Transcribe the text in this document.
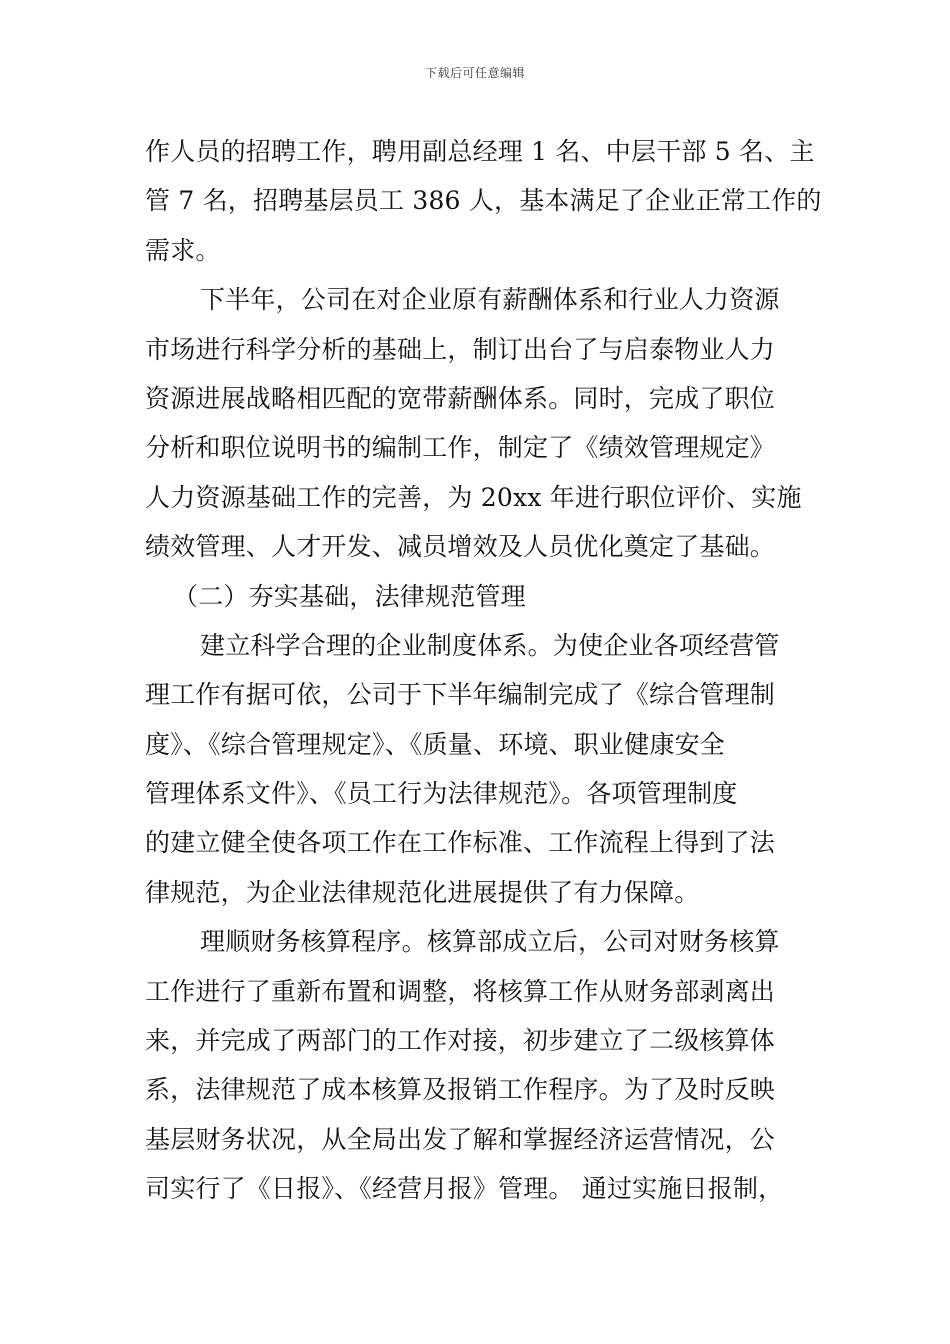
下载后可任意编辑
作人员的招聘工作，聘用副总经理 1 名、中层干部 5 名、主
管 7 名，招聘基层员工 386 人，基本满足了企业正常工作的
需求。
下半年，公司在对企业原有薪酬体系和行业人力资源
市场进行科学分析的基础上，制订出台了与启泰物业人力
资源进展战略相匹配的宽带薪酬体系。同时，完成了职位
分析和职位说明书的编制工作，制定了《绩效管理规定》
人力资源基础工作的完善，为 20xx 年进行职位评价、实施
绩效管理、人才开发、减员增效及人员优化奠定了基础。
（二）夯实基础，法律规范管理
建立科学合理的企业制度体系。为使企业各项经营管
理工作有据可依，公司于下半年编制完成了《综合管理制
度》、《综合管理规定》、《质量、环境、职业健康安全
管理体系文件》、《员工行为法律规范》。各项管理制度
的建立健全使各项工作在工作标准、工作流程上得到了法
律规范，为企业法律规范化进展提供了有力保障。
理顺财务核算程序。核算部成立后，公司对财务核算
工作进行了重新布置和调整，将核算工作从财务部剥离出
来，并完成了两部门的工作对接，初步建立了二级核算体
系，法律规范了成本核算及报销工作程序。为了及时反映
基层财务状况，从全局出发了解和掌握经济运营情况，公
司实行了《日报》、《经营月报》管理。 通过实施日报制，
